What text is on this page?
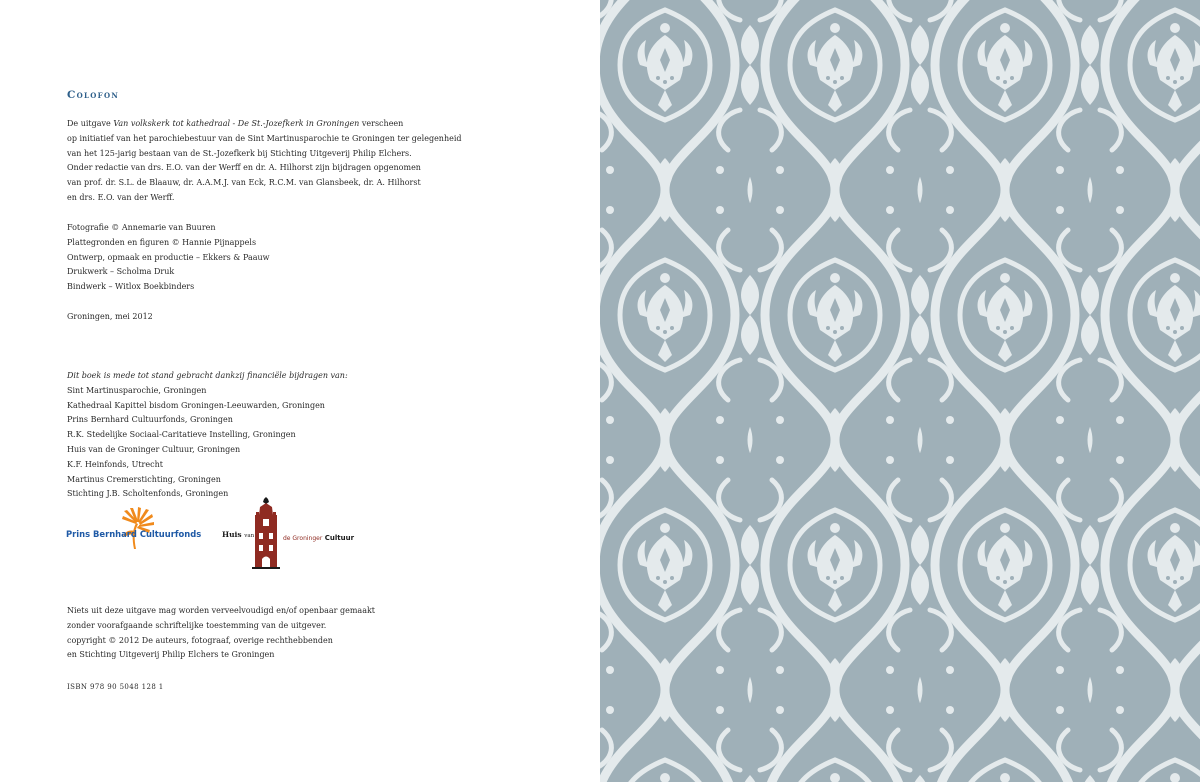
Colofon
De uitgave Van volkskerk tot kathedraal - De St.-Jozefkerk in Groningen verscheen
op initiatief van het parochiebestuur van de Sint Martinusparochie te Groningen ter gelegenheid
van het 125-jarig bestaan van de St.-Jozefkerk bij Stichting Uitgeverij Philip Elchers.
Onder redactie van drs. E.O. van der Werff en dr. A. Hilhorst zijn bijdragen opgenomen
van prof. dr. S.L. de Blaauw, dr. A.A.M.J. van Eck, R.C.M. van Glansbeek, dr. A. Hilhorst
en drs. E.O. van der Werff.
Fotografie © Annemarie van Buuren
Plattegronden en figuren © Hannie Pijnappels
Ontwerp, opmaak en productie – Ekkers & Paauw
Drukwerk – Scholma Druk
Bindwerk – Witlox Boekbinders
Groningen, mei 2012
Dit boek is mede tot stand gebracht dankzij financiële bijdragen van:
Sint Martinusparochie, Groningen
Kathedraal Kapittel bisdom Groningen-Leeuwarden, Groningen
Prins Bernhard Cultuurfonds, Groningen
R.K. Stedelijke Sociaal-Caritatieve Instelling, Groningen
Huis van de Groninger Cultuur, Groningen
K.F. Heinfonds, Utrecht
Martinus Cremerstichting, Groningen
Stichting J.B. Scholtenfonds, Groningen
Prins Bernhard Cultuurfonds	Huis van	de Groninger Cultuur
Niets uit deze uitgave mag worden verveelvoudigd en/of openbaar gemaakt
zonder voorafgaande schriftelijke toestemming van de uitgever.
copyright © 2012 De auteurs, fotograaf, overige rechthebbenden
en Stichting Uitgeverij Philip Elchers te Groningen
ISBN 978 90 5048 128 1
